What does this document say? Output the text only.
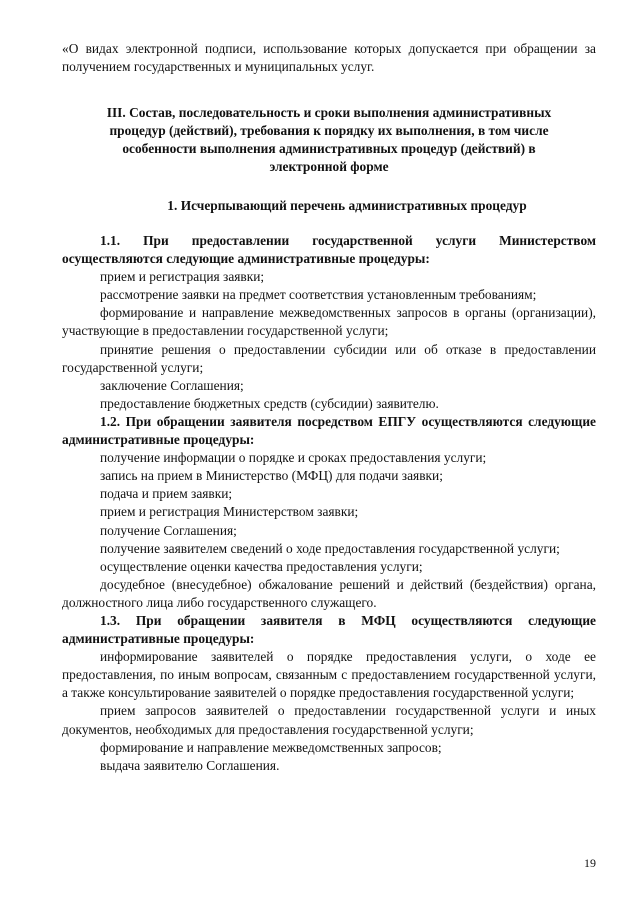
«О видах электронной подписи, использование которых допускается при обращении за получением государственных и муниципальных услуг.

III. Состав, последовательность и сроки выполнения административных
процедур (действий), требования к порядку их выполнения, в том числе
особенности выполнения административных процедур (действий) в
электронной форме
1. Исчерпывающий перечень административных процедур

1.1. При предоставлении государственной услуги Министерством осуществляются следующие административные процедуры:

прием и регистрация заявки;

рассмотрение заявки на предмет соответствия установленным требованиям;

формирование и направление межведомственных запросов в органы (организации), участвующие в предоставлении государственной услуги;

принятие решения о предоставлении субсидии или об отказе в предоставлении государственной услуги;

заключение Соглашения;

предоставление бюджетных средств (субсидии) заявителю.

1.2. При обращении заявителя посредством ЕПГУ осуществляются следующие административные процедуры:

получение информации о порядке и сроках предоставления услуги;

запись на прием в Министерство (МФЦ) для подачи заявки;

подача и прием заявки;

прием и регистрация Министерством заявки;

получение Соглашения;

получение заявителем сведений о ходе предоставления государственной услуги;

осуществление оценки качества предоставления услуги;

досудебное (внесудебное) обжалование решений и действий (бездействия) органа, должностного лица либо государственного служащего.

1.3. При обращении заявителя в МФЦ осуществляются следующие административные процедуры:

информирование заявителей о порядке предоставления услуги, о ходе ее предоставления, по иным вопросам, связанным с предоставлением государственной услуги, а также консультирование заявителей о порядке предоставления государственной услуги;

прием запросов заявителей о предоставлении государственной услуги и иных документов, необходимых для предоставления государственной услуги;

формирование и направление межведомственных запросов;

выдача заявителю Соглашения.

19
